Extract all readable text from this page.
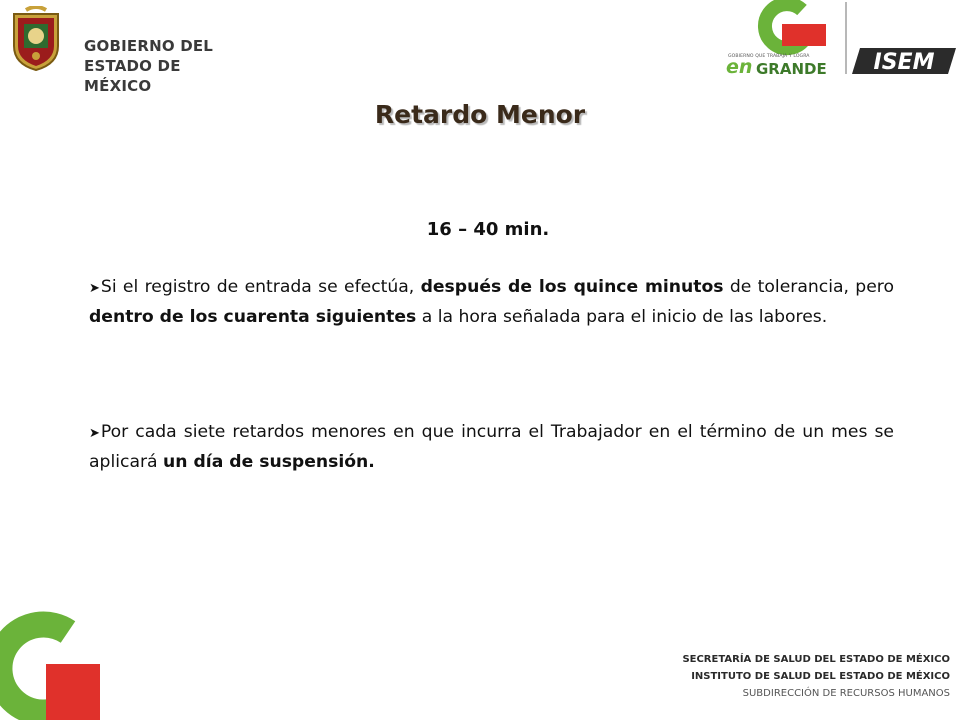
GOBIERNO DEL
ESTADO DE MÉXICO
GOBIERNO QUE TRABAJA Y LOGRA
en GRANDE ISEM
Retardo Menor
16 – 40 min.
➤Si el registro de entrada se efectúa, después de los quince minutos de tolerancia, pero dentro de los cuarenta siguientes a la hora señalada para el inicio de las labores.
➤Por cada siete retardos menores en que incurra el Trabajador en el término de un mes se aplicará un día de suspensión.
SECRETARÍA DE SALUD DEL ESTADO DE MÉXICO
INSTITUTO DE SALUD DEL ESTADO DE MÉXICO
SUBDIRECCIÓN DE RECURSOS HUMANOS
